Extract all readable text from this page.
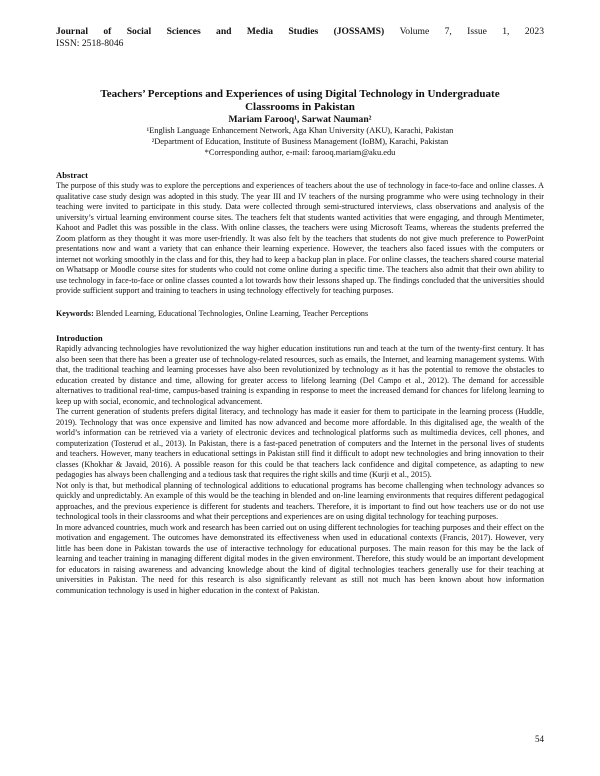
Journal of Social Sciences and Media Studies (JOSSAMS) Volume 7, Issue 1, 2023
ISSN: 2518-8046
Teachers’ Perceptions and Experiences of using Digital Technology in Undergraduate Classrooms in Pakistan
Mariam Farooq¹, Sarwat Nauman²
¹English Language Enhancement Network, Aga Khan University (AKU), Karachi, Pakistan
²Department of Education, Institute of Business Management (IoBM), Karachi, Pakistan
*Corresponding author, e-mail: farooq.mariam@aku.edu
Abstract

The purpose of this study was to explore the perceptions and experiences of teachers about the use of technology in face-to-face and online classes. A qualitative case study design was adopted in this study. The year III and IV teachers of the nursing programme who were using technology in their teaching were invited to participate in this study. Data were collected through semi-structured interviews, class observations and analysis of the university’s virtual learning environment course sites. The teachers felt that students wanted activities that were engaging, and through Mentimeter, Kahoot and Padlet this was possible in the class. With online classes, the teachers were using Microsoft Teams, whereas the students preferred the Zoom platform as they thought it was more user-friendly. It was also felt by the teachers that students do not give much preference to PowerPoint presentations now and want a variety that can enhance their learning experience. However, the teachers also faced issues with the computers or internet not working smoothly in the class and for this, they had to keep a backup plan in place. For online classes, the teachers shared course material on Whatsapp or Moodle course sites for students who could not come online during a specific time. The teachers also admit that their own ability to use technology in face-to-face or online classes counted a lot towards how their lessons shaped up. The findings concluded that the universities should provide sufficient support and training to teachers in using technology effectively for teaching purposes.

Keywords: Blended Learning, Educational Technologies, Online Learning, Teacher Perceptions
Introduction

Rapidly advancing technologies have revolutionized the way higher education institutions run and teach at the turn of the twenty-first century. It has also been seen that there has been a greater use of technology-related resources, such as emails, the Internet, and learning management systems. With that, the traditional teaching and learning processes have also been revolutionized by technology as it has the potential to remove the obstacles to education created by distance and time, allowing for greater access to lifelong learning (Del Campo et al., 2012). The demand for accessible alternatives to traditional real-time, campus-based training is expanding in response to meet the increased demand for chances for lifelong learning to keep up with social, economic, and technological advancement.

The current generation of students prefers digital literacy, and technology has made it easier for them to participate in the learning process (Huddle, 2019). Technology that was once expensive and limited has now advanced and become more affordable. In this digitalised age, the wealth of the world’s information can be retrieved via a variety of electronic devices and technological platforms such as multimedia devices, cell phones, and computerization (Tosterud et al., 2013). In Pakistan, there is a fast-paced penetration of computers and the Internet in the personal lives of students and teachers. However, many teachers in educational settings in Pakistan still find it difficult to adopt new technologies and bring innovation to their classes (Khokhar & Javaid, 2016). A possible reason for this could be that teachers lack confidence and digital competence, as adapting to new pedagogies has always been challenging and a tedious task that requires the right skills and time (Kurji et al., 2015).

Not only is that, but methodical planning of technological additions to educational programs has become challenging when technology advances so quickly and unpredictably. An example of this would be the teaching in blended and on-line learning environments that requires different pedagogical approaches, and the previous experience is different for students and teachers. Therefore, it is important to find out how teachers use or do not use technological tools in their classrooms and what their perceptions and experiences are on using digital technology for teaching purposes.

In more advanced countries, much work and research has been carried out on using different technologies for teaching purposes and their effect on the motivation and engagement. The outcomes have demonstrated its effectiveness when used in educational contexts (Francis, 2017). However, very little has been done in Pakistan towards the use of interactive technology for educational purposes. The main reason for this may be the lack of learning and teacher training in managing different digital modes in the given environment. Therefore, this study would be an important development for educators in raising awareness and advancing knowledge about the kind of digital technologies teachers generally use for their teaching at universities in Pakistan. The need for this research is also significantly relevant as still not much has been known about how information communication technology is used in higher education in the context of Pakistan.

54
